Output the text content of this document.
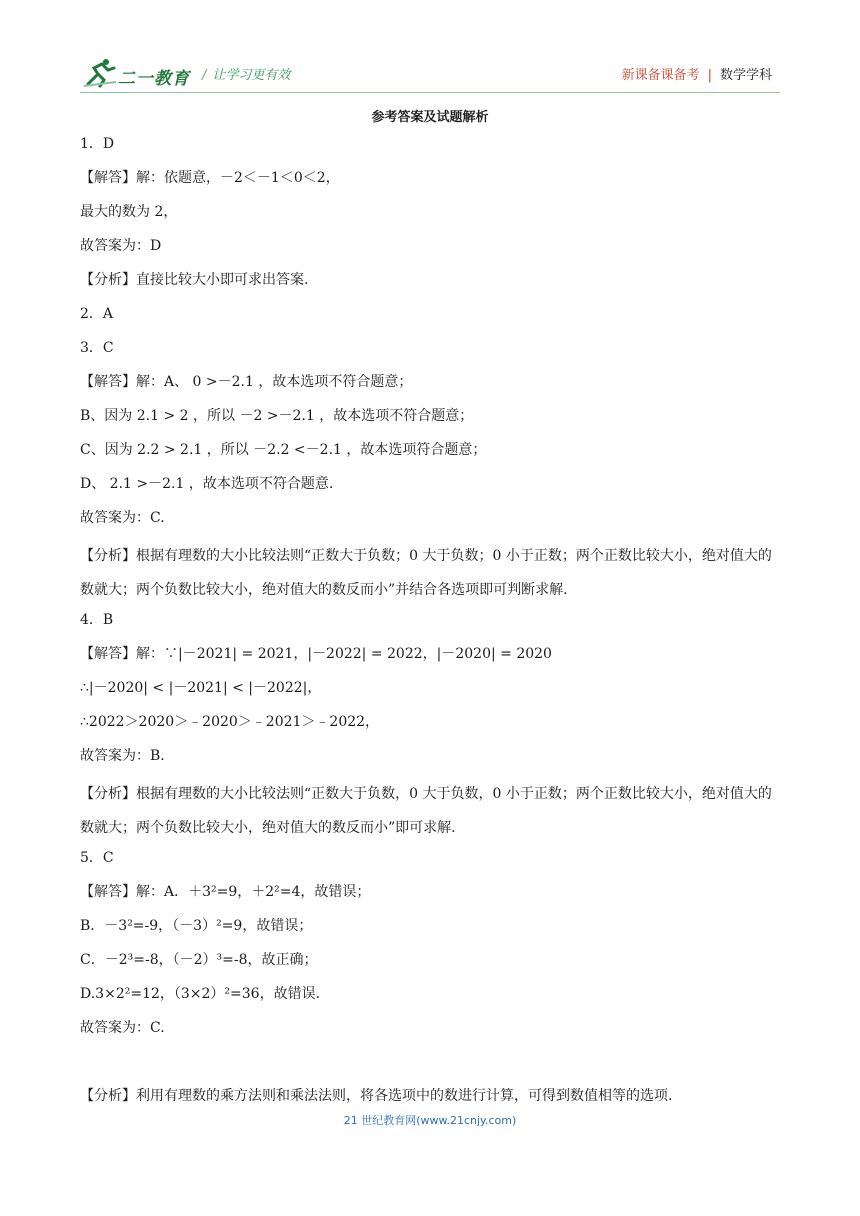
二一教育 / 让学习更有效	新课备课备考 | 数学学科
参考答案及试题解析
1．D
【解答】解：依题意，－2＜－1＜0＜2，
最大的数为 2，
故答案为：D
【分析】直接比较大小即可求出答案.
2．A
3．C
【解答】解：A、 0 >－2.1 ，故本选项不符合题意；
B、因为 2.1 > 2 ，所以 －2 >－2.1 ，故本选项不符合题意；
C、因为 2.2 > 2.1 ，所以 －2.2 <－2.1 ，故本选项符合题意；
D、 2.1 >－2.1 ，故本选项不符合题意.
故答案为：C.
【分析】根据有理数的大小比较法则“正数大于负数；0 大于负数；0 小于正数；两个正数比较大小，绝对值大的数就大；两个负数比较大小，绝对值大的数反而小”并结合各选项即可判断求解.
4．B
【解答】解：∵|－2021| = 2021，|－2022| = 2022，|－2020| = 2020
∴|－2020| < |－2021| < |－2022|，
∴2022＞2020＞﹣2020＞﹣2021＞﹣2022，
故答案为：B.
【分析】根据有理数的大小比较法则“正数大于负数，0 大于负数，0 小于正数；两个正数比较大小，绝对值大的数就大；两个负数比较大小，绝对值大的数反而小”即可求解.
5．C
【解答】解：A．＋3²=9，＋2²=4，故错误；
B．－3²=-9，（－3）²=9，故错误；
C．－2³=-8，（－2）³=-8，故正确；
D.3×2²=12，（3×2）²=36，故错误.
故答案为：C.
【分析】利用有理数的乘方法则和乘法法则，将各选项中的数进行计算，可得到数值相等的选项.
21 世纪教育网(www.21cnjy.com)
